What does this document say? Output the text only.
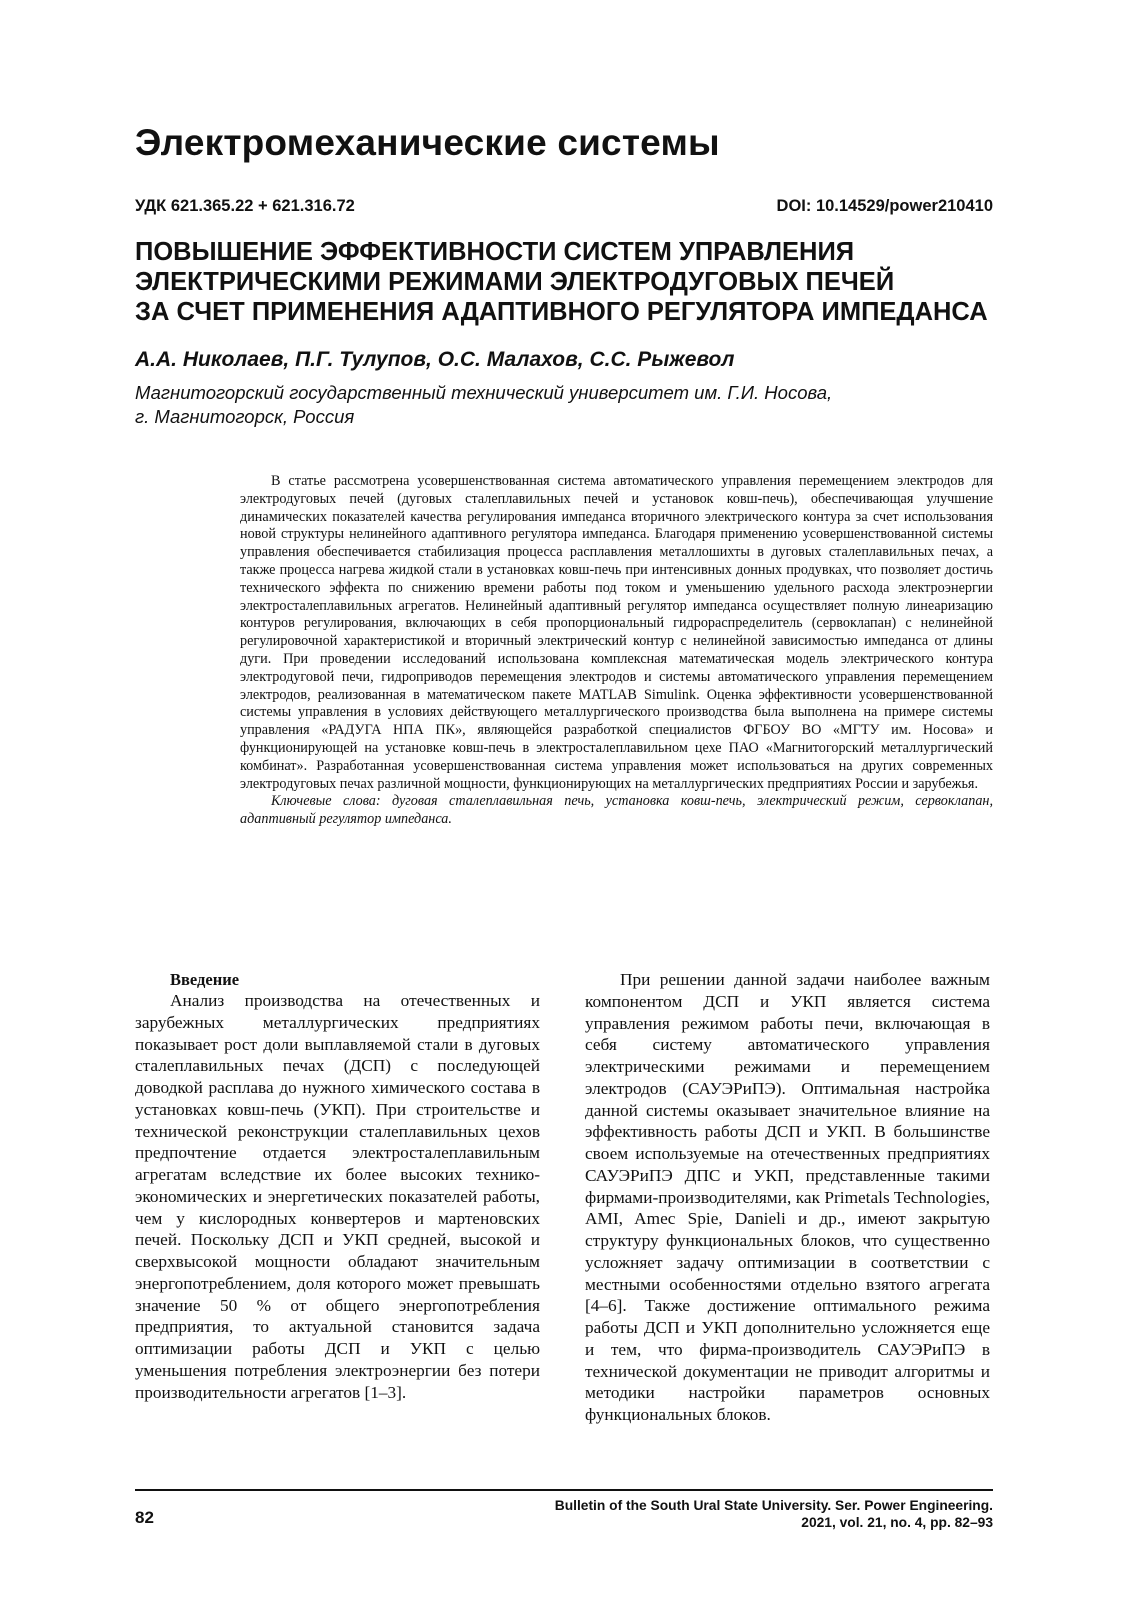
Электромеханические системы
УДК 621.365.22 + 621.316.72	DOI: 10.14529/power210410
ПОВЫШЕНИЕ ЭФФЕКТИВНОСТИ СИСТЕМ УПРАВЛЕНИЯ
ЭЛЕКТРИЧЕСКИМИ РЕЖИМАМИ ЭЛЕКТРОДУГОВЫХ ПЕЧЕЙ
ЗА СЧЕТ ПРИМЕНЕНИЯ АДАПТИВНОГО РЕГУЛЯТОРА ИМПЕДАНСА
А.А. Николаев, П.Г. Тулупов, О.С. Малахов, С.С. Рыжевол
Магнитогорский государственный технический университет им. Г.И. Носова,
г. Магнитогорск, Россия

В статье рассмотрена усовершенствованная система автоматического управления перемещением электродов для электродуговых печей (дуговых сталеплавильных печей и установок ковш-печь), обеспечивающая улучшение динамических показателей качества регулирования импеданса вторичного электрического контура за счет использования новой структуры нелинейного адаптивного регулятора импеданса. Благодаря применению усовершенствованной системы управления обеспечивается стабилизация процесса расплавления металлошихты в дуговых сталеплавильных печах, а также процесса нагрева жидкой стали в установках ковш-печь при интенсивных донных продувках, что позволяет достичь технического эффекта по снижению времени работы под током и уменьшению удельного расхода электроэнергии электросталеплавильных агрегатов. Нелинейный адаптивный регулятор импеданса осуществляет полную линеаризацию контуров регулирования, включающих в себя пропорциональный гидрораспределитель (сервоклапан) с нелинейной регулировочной характеристикой и вторичный электрический контур с нелинейной зависимостью импеданса от длины дуги. При проведении исследований использована комплексная математическая модель электрического контура электродуговой печи, гидроприводов перемещения электродов и системы автоматического управления перемещением электродов, реализованная в математическом пакете MATLAB Simulink. Оценка эффективности усовершенствованной системы управления в условиях действующего металлургического производства была выполнена на примере системы управления «РАДУГА НПА ПК», являющейся разработкой специалистов ФГБОУ ВО «МГТУ им. Носова» и функционирующей на установке ковш-печь в электросталеплавильном цехе ПАО «Магнитогорский металлургический комбинат». Разработанная усовершенствованная система управления может использоваться на других современных электродуговых печах различной мощности, функционирующих на металлургических предприятиях России и зарубежья.

Ключевые слова: дуговая сталеплавильная печь, установка ковш-печь, электрический режим, сервоклапан, адаптивный регулятор импеданса.

Введение

Анализ производства на отечественных и зарубежных металлургических предприятиях показывает рост доли выплавляемой стали в дуговых сталеплавильных печах (ДСП) с последующей доводкой расплава до нужного химического состава в установках ковш-печь (УКП). При строительстве и технической реконструкции сталеплавильных цехов предпочтение отдается электросталеплавильным агрегатам вследствие их более высоких технико-экономических и энергетических показателей работы, чем у кислородных конвертеров и мартеновских печей. Поскольку ДСП и УКП средней, высокой и сверхвысокой мощности обладают значительным энергопотреблением, доля которого может превышать значение 50 % от общего энергопотребления предприятия, то актуальной становится задача оптимизации работы ДСП и УКП с целью уменьшения потребления электроэнергии без потери производительности агрегатов [1–3].

При решении данной задачи наиболее важным компонентом ДСП и УКП является система управления режимом работы печи, включающая в себя систему автоматического управления электрическими режимами и перемещением электродов (САУЭРиПЭ). Оптимальная настройка данной системы оказывает значительное влияние на эффективность работы ДСП и УКП. В большинстве своем используемые на отечественных предприятиях САУЭРиПЭ ДПС и УКП, представленные такими фирмами-производителями, как Primetals Technologies, AMI, Amec Spie, Danieli и др., имеют закрытую структуру функциональных блоков, что существенно усложняет задачу оптимизации в соответствии с местными особенностями отдельно взятого агрегата [4–6]. Также достижение оптимального режима работы ДСП и УКП дополнительно усложняется еще и тем, что фирма-производитель САУЭРиПЭ в технической документации не приводит алгоритмы и методики настройки параметров основных функциональных блоков.

82
Bulletin of the South Ural State University. Ser. Power Engineering.
2021, vol. 21, no. 4, pp. 82–93
